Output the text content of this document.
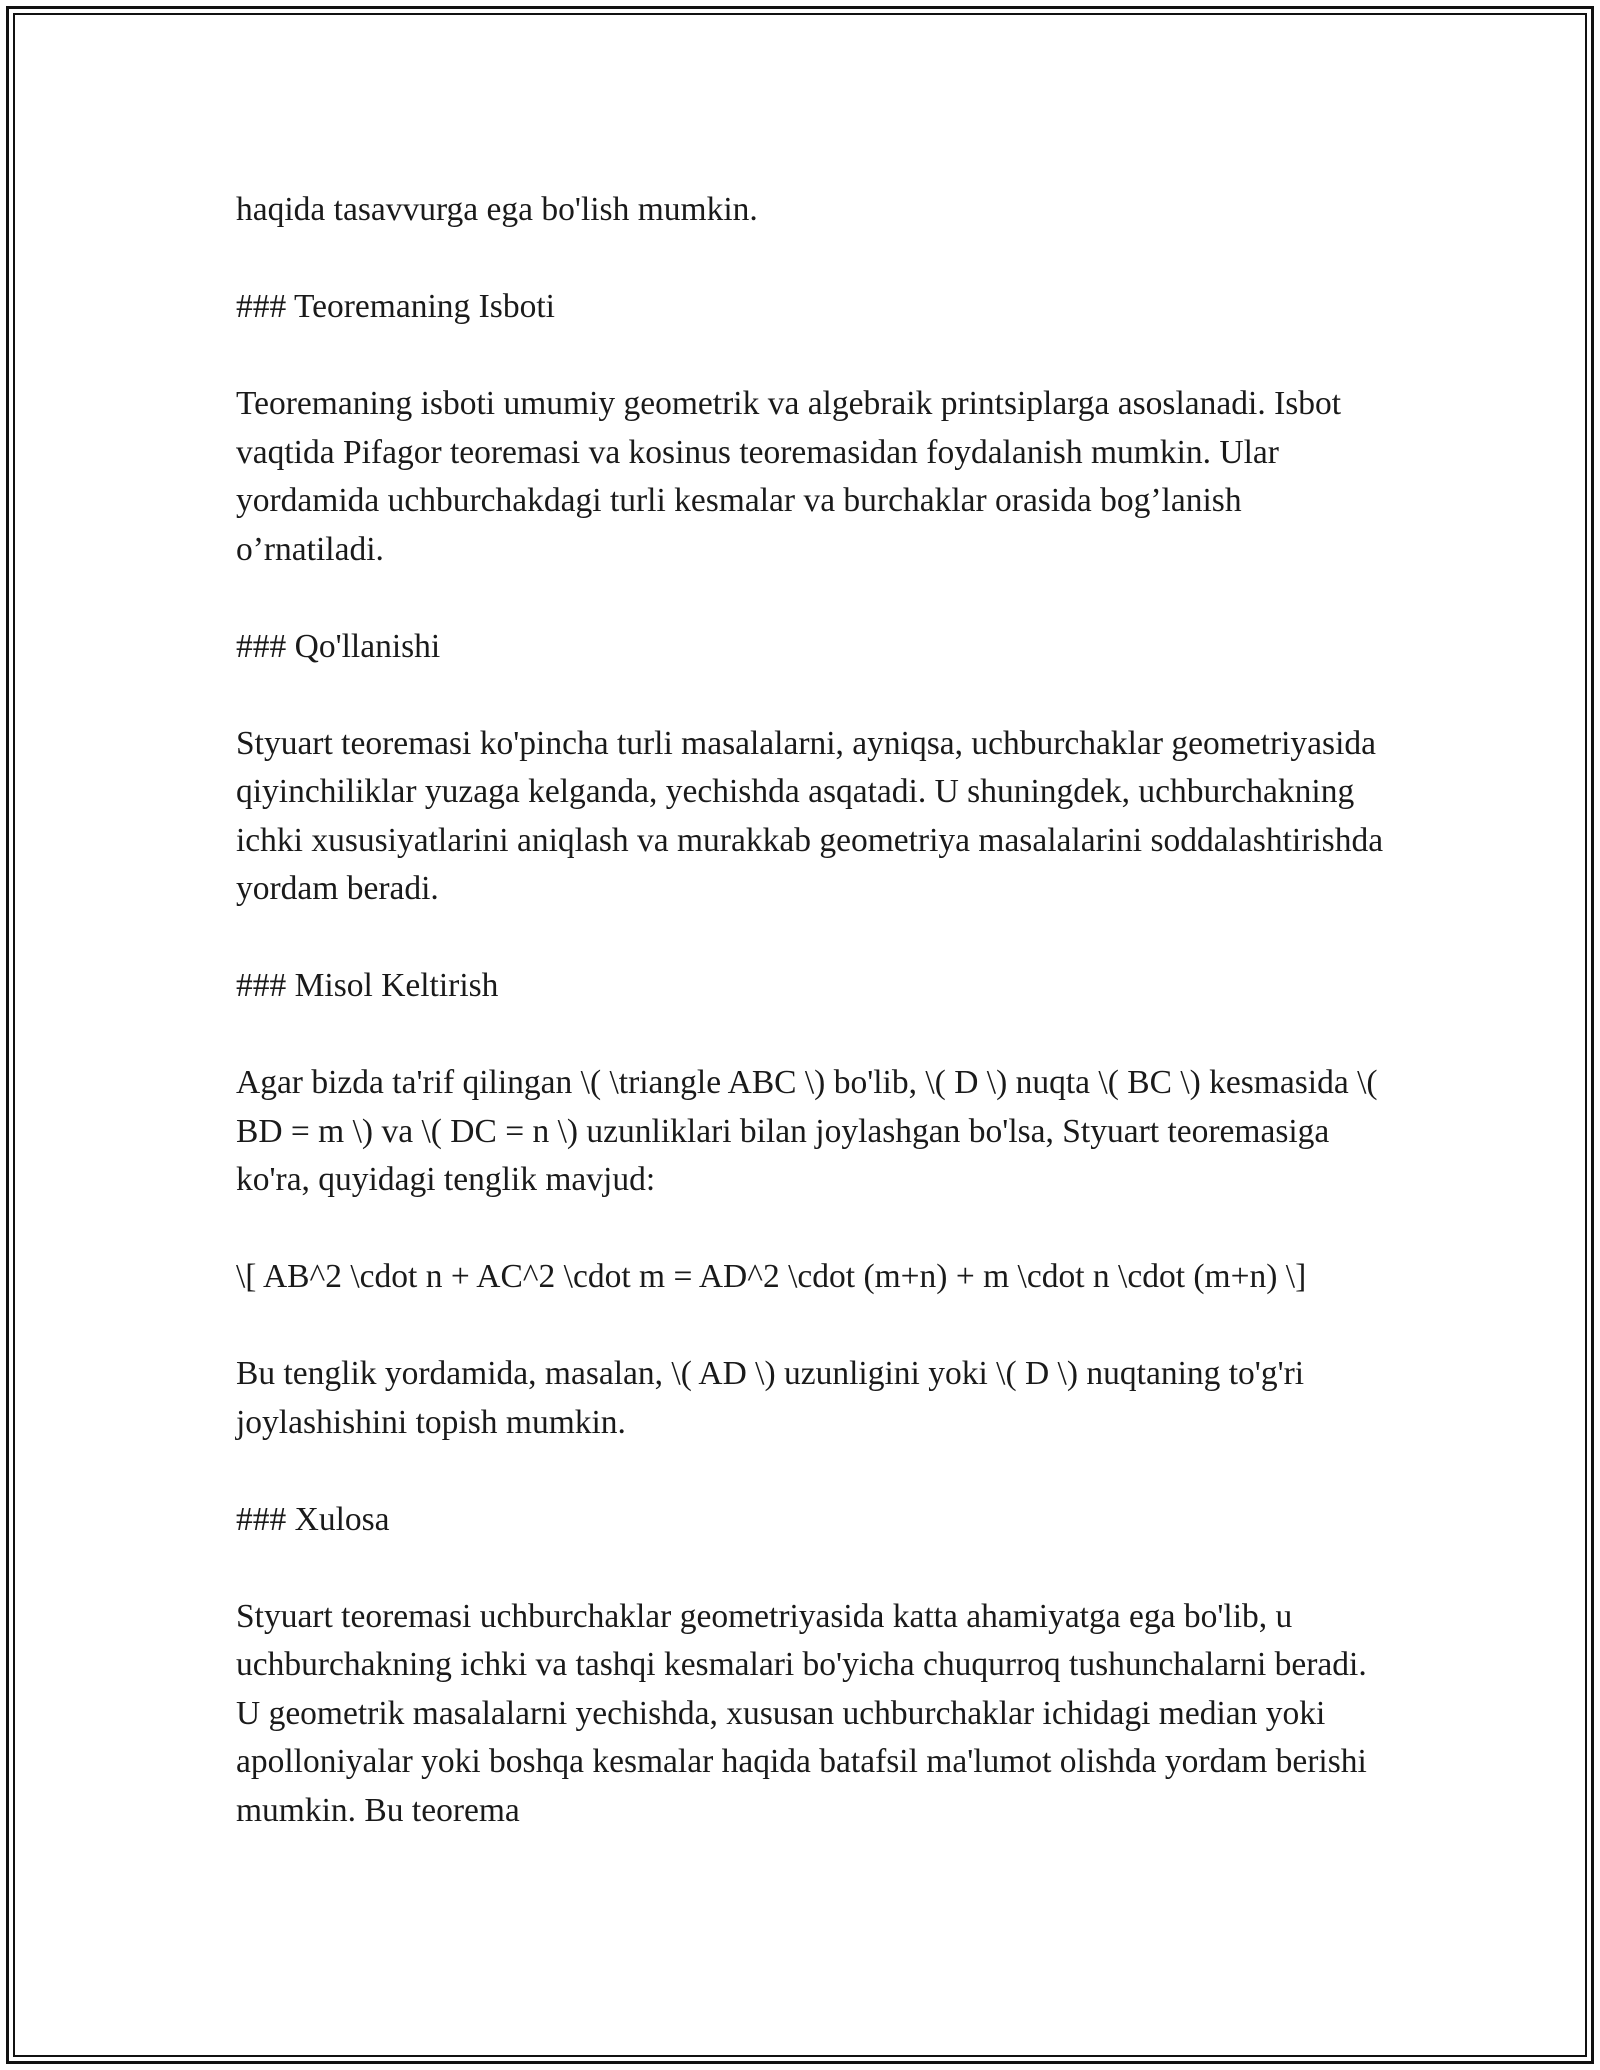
haqida tasavvurga ega bo'lish mumkin.

### Teoremaning Isboti

Teoremaning isboti umumiy geometrik va algebraik printsiplarga asoslanadi. Isbot vaqtida Pifagor teoremasi va kosinus teoremasidan foydalanish mumkin. Ular yordamida uchburchakdagi turli kesmalar va burchaklar orasida bog’lanish o’rnatiladi.

### Qo'llanishi

Styuart teoremasi ko'pincha turli masalalarni, ayniqsa, uchburchaklar geometriyasida qiyinchiliklar yuzaga kelganda, yechishda asqatadi. U shuningdek, uchburchakning ichki xususiyatlarini aniqlash va murakkab geometriya masalalarini soddalashtirishda yordam beradi.

### Misol Keltirish

Agar bizda ta'rif qilingan \( \triangle ABC \) bo'lib, \( D \) nuqta \( BC \) kesmasida \( BD = m \) va \( DC = n \) uzunliklari bilan joylashgan bo'lsa, Styuart teoremasiga ko'ra, quyidagi tenglik mavjud:

\[ AB^2 \cdot n + AC^2 \cdot m = AD^2 \cdot (m+n) + m \cdot n \cdot (m+n) \]

Bu tenglik yordamida, masalan, \( AD \) uzunligini yoki \( D \) nuqtaning to'g'ri joylashishini topish mumkin.

### Xulosa

Styuart teoremasi uchburchaklar geometriyasida katta ahamiyatga ega bo'lib, u uchburchakning ichki va tashqi kesmalari bo'yicha chuqurroq tushunchalarni beradi. U geometrik masalalarni yechishda, xususan uchburchaklar ichidagi median yoki apolloniyalar yoki boshqa kesmalar haqida batafsil ma'lumot olishda yordam berishi mumkin. Bu teorema
